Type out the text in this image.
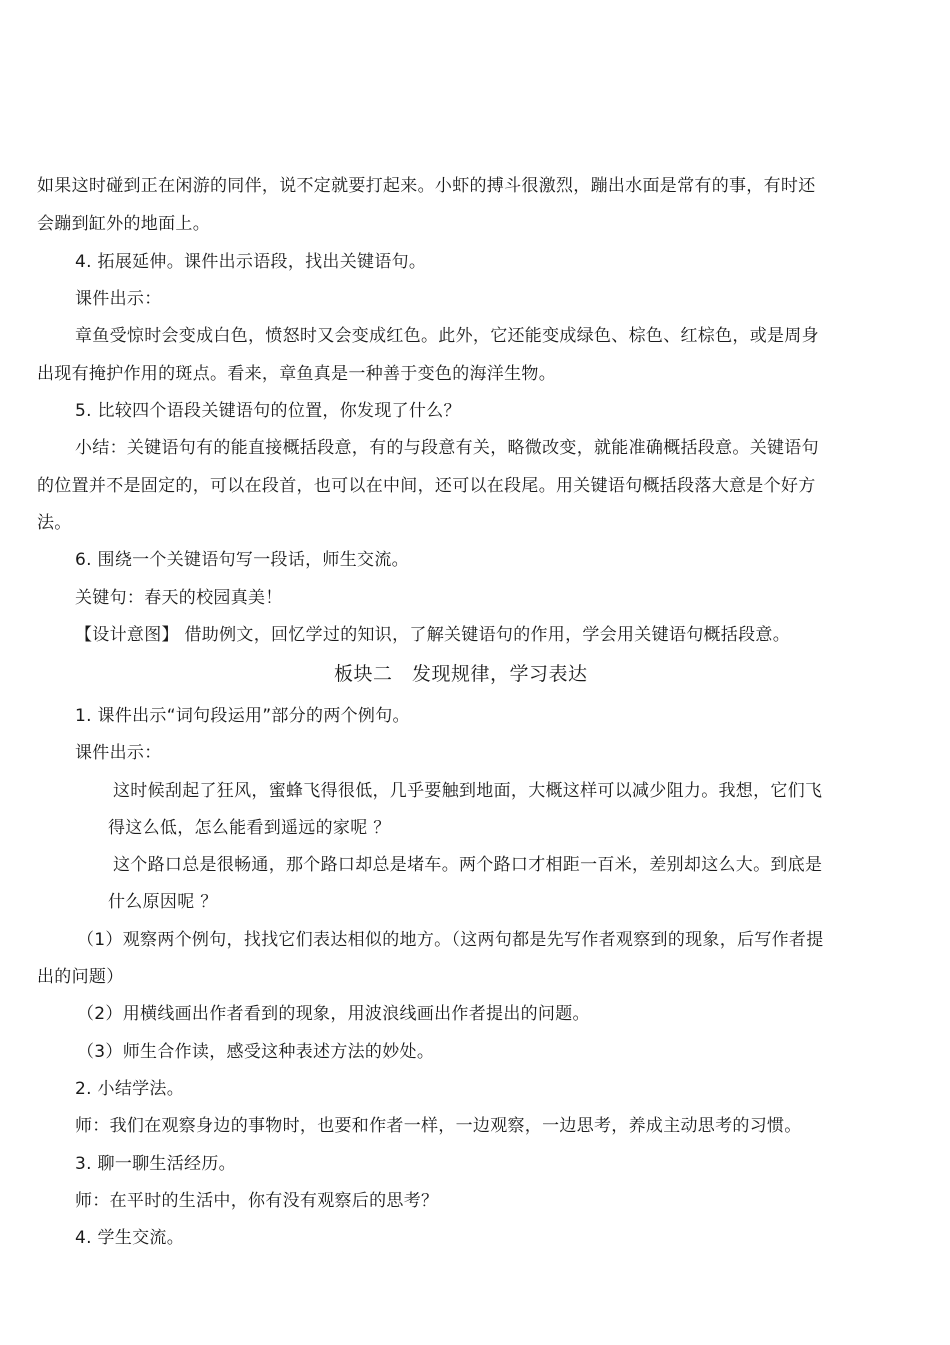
如果这时碰到正在闲游的同伴，说不定就要打起来。小虾的搏斗很激烈，蹦出水面是常有的事，有时还
会蹦到缸外的地面上。
4. 拓展延伸。课件出示语段，找出关键语句。
课件出示：
章鱼受惊时会变成白色，愤怒时又会变成红色。此外，它还能变成绿色、棕色、红棕色，或是周身
出现有掩护作用的斑点。看来，章鱼真是一种善于变色的海洋生物。
5. 比较四个语段关键语句的位置，你发现了什么？
小结：关键语句有的能直接概括段意，有的与段意有关，略微改变，就能准确概括段意。关键语句
的位置并不是固定的，可以在段首，也可以在中间，还可以在段尾。用关键语句概括段落大意是个好方
法。
6. 围绕一个关键语句写一段话，师生交流。
关键句：春天的校园真美！
【设计意图】 借助例文，回忆学过的知识，了解关键语句的作用，学会用关键语句概括段意。
板块二　发现规律，学习表达
1. 课件出示“词句段运用”部分的两个例句。
课件出示：
这时候刮起了狂风，蜜蜂飞得很低，几乎要触到地面，大概这样可以减少阻力。我想，它们飞
得这么低，怎么能看到遥远的家呢 ？
这个路口总是很畅通，那个路口却总是堵车。两个路口才相距一百米，差别却这么大。到底是
什么原因呢 ？
（1）观察两个例句，找找它们表达相似的地方。（这两句都是先写作者观察到的现象，后写作者提
出的问题）
（2）用横线画出作者看到的现象，用波浪线画出作者提出的问题。
（3）师生合作读，感受这种表述方法的妙处。
2. 小结学法。
师：我们在观察身边的事物时，也要和作者一样，一边观察，一边思考，养成主动思考的习惯。
3. 聊一聊生活经历。
师：在平时的生活中，你有没有观察后的思考？
4. 学生交流。
